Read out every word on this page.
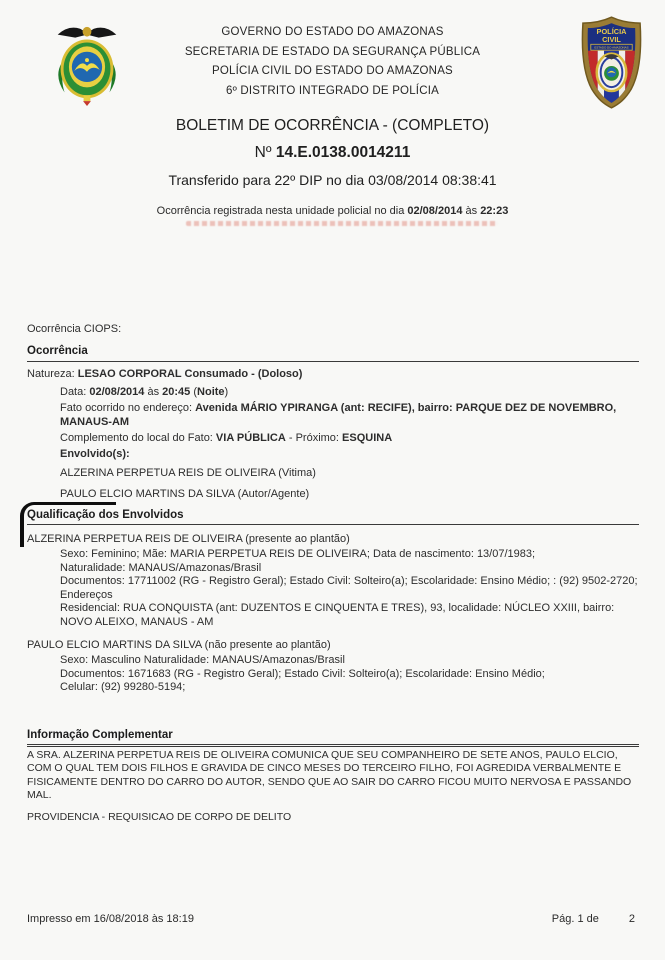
GOVERNO DO ESTADO DO AMAZONAS
SECRETARIA DE ESTADO DA SEGURANÇA PÚBLICA
POLÍCIA CIVIL DO ESTADO DO AMAZONAS
6º DISTRITO INTEGRADO DE POLÍCIA
ESTADO DO AMAZONAS
POLÍCIA
CIVIL
BOLETIM DE OCORRÊNCIA - (COMPLETO)
Nº 14.E.0138.0014211
Transferido para 22º DIP no dia 03/08/2014 08:38:41
Ocorrência registrada nesta unidade policial no dia 02/08/2014 às 22:23
Ocorrência CIOPS:
Ocorrência
Natureza: LESAO CORPORAL Consumado - (Doloso)
Data: 02/08/2014 às 20:45 (Noite)
Fato ocorrido no endereço: Avenida MÁRIO YPIRANGA (ant: RECIFE), bairro: PARQUE DEZ DE NOVEMBRO, MANAUS-AM
Complemento do local do Fato: VIA PÚBLICA - Próximo: ESQUINA
Envolvido(s):
ALZERINA PERPETUA REIS DE OLIVEIRA (Vitima)
PAULO ELCIO MARTINS DA SILVA (Autor/Agente)
Qualificação dos Envolvidos
ALZERINA PERPETUA REIS DE OLIVEIRA (presente ao plantão)
Sexo: Feminino; Mãe: MARIA PERPETUA REIS DE OLIVEIRA; Data de nascimento: 13/07/1983;
Naturalidade: MANAUS/Amazonas/Brasil
Documentos: 17711002 (RG - Registro Geral); Estado Civil: Solteiro(a); Escolaridade: Ensino Médio; : (92) 9502-2720;
Endereços
Residencial: RUA CONQUISTA (ant: DUZENTOS E CINQUENTA E TRES), 93, localidade: NÚCLEO XXIII, bairro: NOVO ALEIXO, MANAUS - AM
PAULO ELCIO MARTINS DA SILVA (não presente ao plantão)
Sexo: Masculino Naturalidade: MANAUS/Amazonas/Brasil
Documentos: 1671683 (RG - Registro Geral); Estado Civil: Solteiro(a); Escolaridade: Ensino Médio;
Celular: (92) 99280-5194;
Informação Complementar
A SRA. ALZERINA PERPETUA REIS DE OLIVEIRA COMUNICA QUE SEU COMPANHEIRO DE SETE ANOS, PAULO ELCIO, COM O QUAL TEM DOIS FILHOS E GRAVIDA DE CINCO MESES DO TERCEIRO FILHO, FOI AGREDIDA VERBALMENTE E FISICAMENTE DENTRO DO CARRO DO AUTOR, SENDO QUE AO SAIR DO CARRO FICOU MUITO NERVOSA E PASSANDO MAL.
PROVIDENCIA - REQUISICAO DE CORPO DE DELITO
Impresso em 16/08/2018 às 18:19	Pág. 1 de	2
